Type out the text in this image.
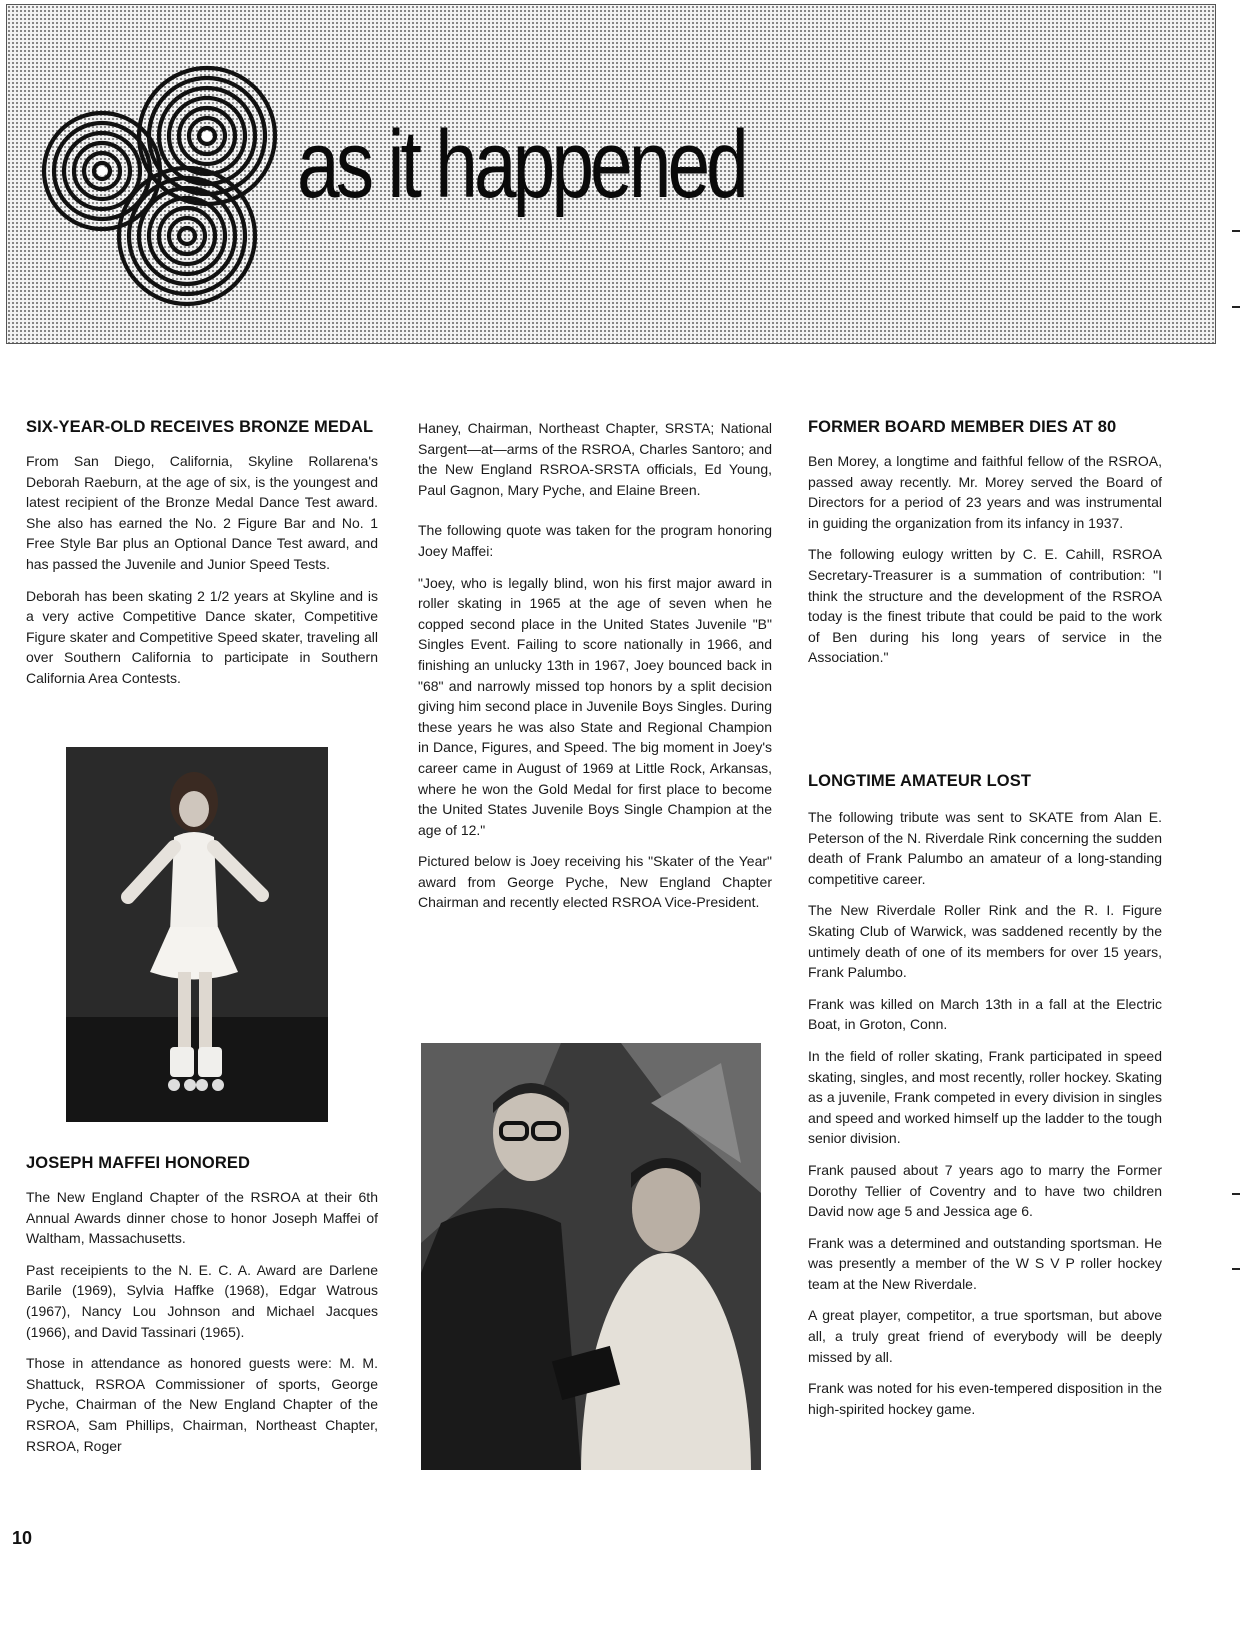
as it happened
SIX-YEAR-OLD RECEIVES BRONZE MEDAL

From San Diego, California, Skyline Rollarena's Deborah Raeburn, at the age of six, is the youngest and latest recipient of the Bronze Medal Dance Test award. She also has earned the No. 2 Figure Bar and No. 1 Free Style Bar plus an Optional Dance Test award, and has passed the Juvenile and Junior Speed Tests.

Deborah has been skating 2 1/2 years at Skyline and is a very active Competitive Dance skater, Competitive Figure skater and Competitive Speed skater, traveling all over Southern California to participate in Southern California Area Contests.

JOSEPH MAFFEI HONORED

The New England Chapter of the RSROA at their 6th Annual Awards dinner chose to honor Joseph Maffei of Waltham, Massachusetts.

Past receipients to the N. E. C. A. Award are Darlene Barile (1969), Sylvia Haffke (1968), Edgar Watrous (1967), Nancy Lou Johnson and Michael Jacques (1966), and David Tassinari (1965).

Those in attendance as honored guests were: M. M. Shattuck, RSROA Commissioner of sports, George Pyche, Chairman of the New England Chapter of the RSROA, Sam Phillips, Chairman, Northeast Chapter, RSROA, Roger

Haney, Chairman, Northeast Chapter, SRSTA; National Sargent—at—arms of the RSROA, Charles Santoro; and the New England RSROA-SRSTA officials, Ed Young, Paul Gagnon, Mary Pyche, and Elaine Breen.

The following quote was taken for the program honoring Joey Maffei:

"Joey, who is legally blind, won his first major award in roller skating in 1965 at the age of seven when he copped second place in the United States Juvenile "B" Singles Event. Failing to score nationally in 1966, and finishing an unlucky 13th in 1967, Joey bounced back in "68" and narrowly missed top honors by a split decision giving him second place in Juvenile Boys Singles. During these years he was also State and Regional Champion in Dance, Figures, and Speed. The big moment in Joey's career came in August of 1969 at Little Rock, Arkansas, where he won the Gold Medal for first place to become the United States Juvenile Boys Single Champion at the age of 12."

Pictured below is Joey receiving his "Skater of the Year" award from George Pyche, New England Chapter Chairman and recently elected RSROA Vice-President.

FORMER BOARD MEMBER DIES AT 80

Ben Morey, a longtime and faithful fellow of the RSROA, passed away recently. Mr. Morey served the Board of Directors for a period of 23 years and was instrumental in guiding the organization from its infancy in 1937.

The following eulogy written by C. E. Cahill, RSROA Secretary-Treasurer is a summation of contribution: "I think the structure and the development of the RSROA today is the finest tribute that could be paid to the work of Ben during his long years of service in the Association."

LONGTIME AMATEUR LOST

The following tribute was sent to SKATE from Alan E. Peterson of the N. Riverdale Rink concerning the sudden death of Frank Palumbo an amateur of a long-standing competitive career.

The New Riverdale Roller Rink and the R. I. Figure Skating Club of Warwick, was saddened recently by the untimely death of one of its members for over 15 years, Frank Palumbo.

Frank was killed on March 13th in a fall at the Electric Boat, in Groton, Conn.

In the field of roller skating, Frank participated in speed skating, singles, and most recently, roller hockey. Skating as a juvenile, Frank competed in every division in singles and speed and worked himself up the ladder to the tough senior division.

Frank paused about 7 years ago to marry the Former Dorothy Tellier of Coventry and to have two children David now age 5 and Jessica age 6.

Frank was a determined and outstanding sportsman. He was presently a member of the W S V P roller hockey team at the New Riverdale.

A great player, competitor, a true sportsman, but above all, a truly great friend of everybody will be deeply missed by all.

Frank was noted for his even-tempered disposition in the high-spirited hockey game.

10
